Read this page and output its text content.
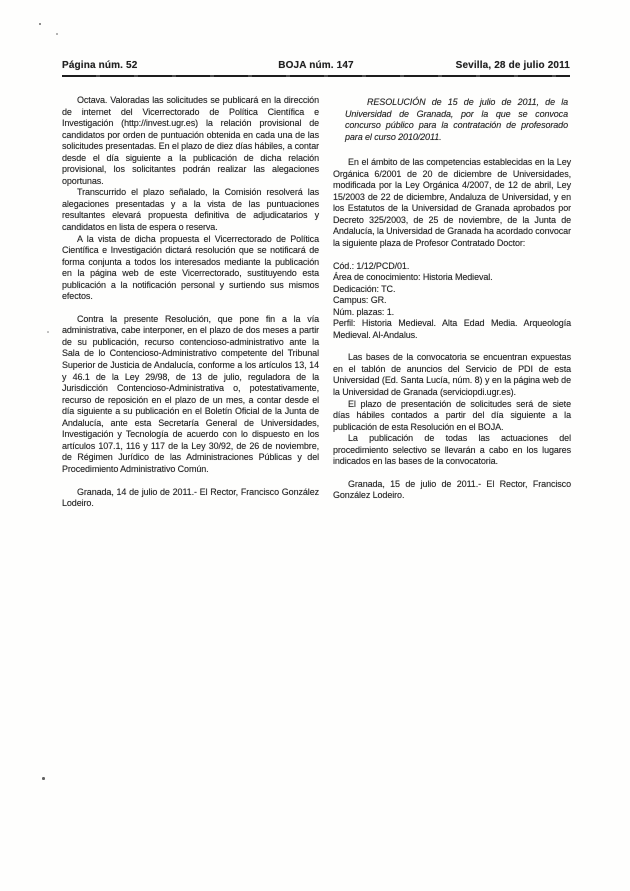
Página núm. 52	BOJA núm. 147	Sevilla, 28 de julio 2011

Octava. Valoradas las solicitudes se publicará en la dirección de internet del Vicerrectorado de Política Científica e Investigación (http://invest.ugr.es) la relación provisional de candidatos por orden de puntuación obtenida en cada una de las solicitudes presentadas. En el plazo de diez días hábiles, a contar desde el día siguiente a la publicación de dicha relación provisional, los solicitantes podrán realizar las alegaciones oportunas.

Transcurrido el plazo señalado, la Comisión resolverá las alegaciones presentadas y a la vista de las puntuaciones resultantes elevará propuesta definitiva de adjudicatarios y candidatos en lista de espera o reserva.

A la vista de dicha propuesta el Vicerrectorado de Política Científica e Investigación dictará resolución que se notificará de forma conjunta a todos los interesados mediante la publicación en la página web de este Vicerrectorado, sustituyendo esta publicación a la notificación personal y surtiendo sus mismos efectos.

Contra la presente Resolución, que pone fin a la vía administrativa, cabe interponer, en el plazo de dos meses a partir de su publicación, recurso contencioso-administrativo ante la Sala de lo Contencioso-Administrativo competente del Tribunal Superior de Justicia de Andalucía, conforme a los artículos 13, 14 y 46.1 de la Ley 29/98, de 13 de julio, reguladora de la Jurisdicción Contencioso-Administrativa o, potestativamente, recurso de reposición en el plazo de un mes, a contar desde el día siguiente a su publicación en el Boletín Oficial de la Junta de Andalucía, ante esta Secretaría General de Universidades, Investigación y Tecnología de acuerdo con lo dispuesto en los artículos 107.1, 116 y 117 de la Ley 30/92, de 26 de noviembre, de Régimen Jurídico de las Administraciones Públicas y del Procedimiento Administrativo Común.

Granada, 14 de julio de 2011.- El Rector, Francisco González Lodeiro.

RESOLUCIÓN de 15 de julio de 2011, de la Universidad de Granada, por la que se convoca concurso público para la contratación de profesorado para el curso 2010/2011.

En el ámbito de las competencias establecidas en la Ley Orgánica 6/2001 de 20 de diciembre de Universidades, modificada por la Ley Orgánica 4/2007, de 12 de abril, Ley 15/2003 de 22 de diciembre, Andaluza de Universidad, y en los Estatutos de la Universidad de Granada aprobados por Decreto 325/2003, de 25 de noviembre, de la Junta de Andalucía, la Universidad de Granada ha acordado convocar la siguiente plaza de Profesor Contratado Doctor:

Cód.: 1/12/PCD/01.

Área de conocimiento: Historia Medieval.

Dedicación: TC.

Campus: GR.

Núm. plazas: 1.

Perfil: Historia Medieval. Alta Edad Media. Arqueología Medieval. Al-Andalus.

Las bases de la convocatoria se encuentran expuestas en el tablón de anuncios del Servicio de PDI de esta Universidad (Ed. Santa Lucía, núm. 8) y en la página web de la Universidad de Granada (serviciopdi.ugr.es).

El plazo de presentación de solicitudes será de siete días hábiles contados a partir del día siguiente a la publicación de esta Resolución en el BOJA.

La publicación de todas las actuaciones del procedimiento selectivo se llevarán a cabo en los lugares indicados en las bases de la convocatoria.

Granada, 15 de julio de 2011.- El Rector, Francisco González Lodeiro.
